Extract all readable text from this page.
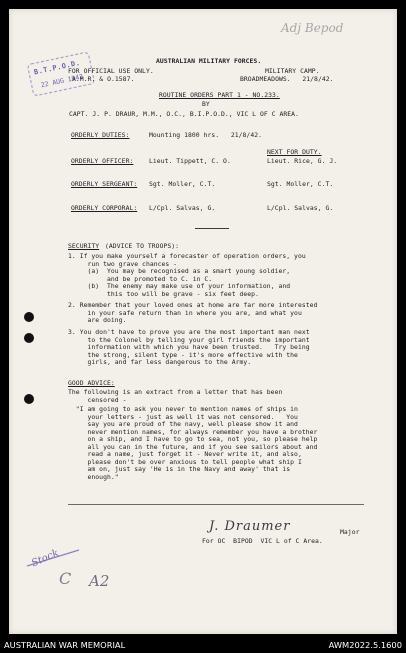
Adj Bepod
B.T.P.O.D.
22 AUG 1942
AUSTRALIAN MILITARY FORCES.
FOR OFFICIAL USE ONLY.
A.M.R. & O.1587.
MILITARY CAMP.
BROADMEADOWS.   21/8/42.
ROUTINE ORDERS PART 1 - NO.233.
BY
CAPT. J. P. DRAUR, M.M., O.C., B.I.P.O.D., VIC L OF C AREA.
NEXT FOR DUTY.
ORDERLY DUTIES:	Mounting 1800 hrs.   21/8/42.
ORDERLY OFFICER: Lieut. Tippett, C. O.	Lieut. Rice, G. J.
ORDERLY SERGEANT: Sgt. Moller, C.T.	Sgt. Moller, C.T.
ORDERLY CORPORAL: L/Cpl. Salvas, G.	L/Cpl. Salvas, G.
SECURITY (ADVICE TO TROOPS):
1. If you make yourself a forecaster of operation orders, you
run two grave chances -
(a)  You may be recognised as a smart young soldier,
and be promoted to C. in C.
(b)  The enemy may make use of your information, and
this too will be grave - six feet deep.
2. Remember that your loved ones at home are far more interested
in your safe return than in where you are, and what you
are doing.
3. You don't have to prove you are the most important man next
to the Colonel by telling your girl friends the important
information with which you have been trusted.   Try being
the strong, silent type - it's more effective with the
girls, and far less dangerous to the Army.
GOOD ADVICE:
The following is an extract from a letter that has been
censored -
"I am going to ask you never to mention names of ships in
your letters - just as well it was not censored.   You
say you are proud of the navy, well please show it and
never mention names, for always remember you have a brother
on a ship, and I have to go to sea, not you, so please help
all you can in the future, and if you see sailors about and
read a name, just forget it - Never write it, and also,
please don't be over anxious to tell people what ship I
am on, just say 'He is in the Navy and away' that is
enough."
J. Draumer	Major
For OC  BIPOD  VIC L of C Area.
Stock
C A2
AUSTRALIAN WAR MEMORIAL	AWM2022.5.1600
